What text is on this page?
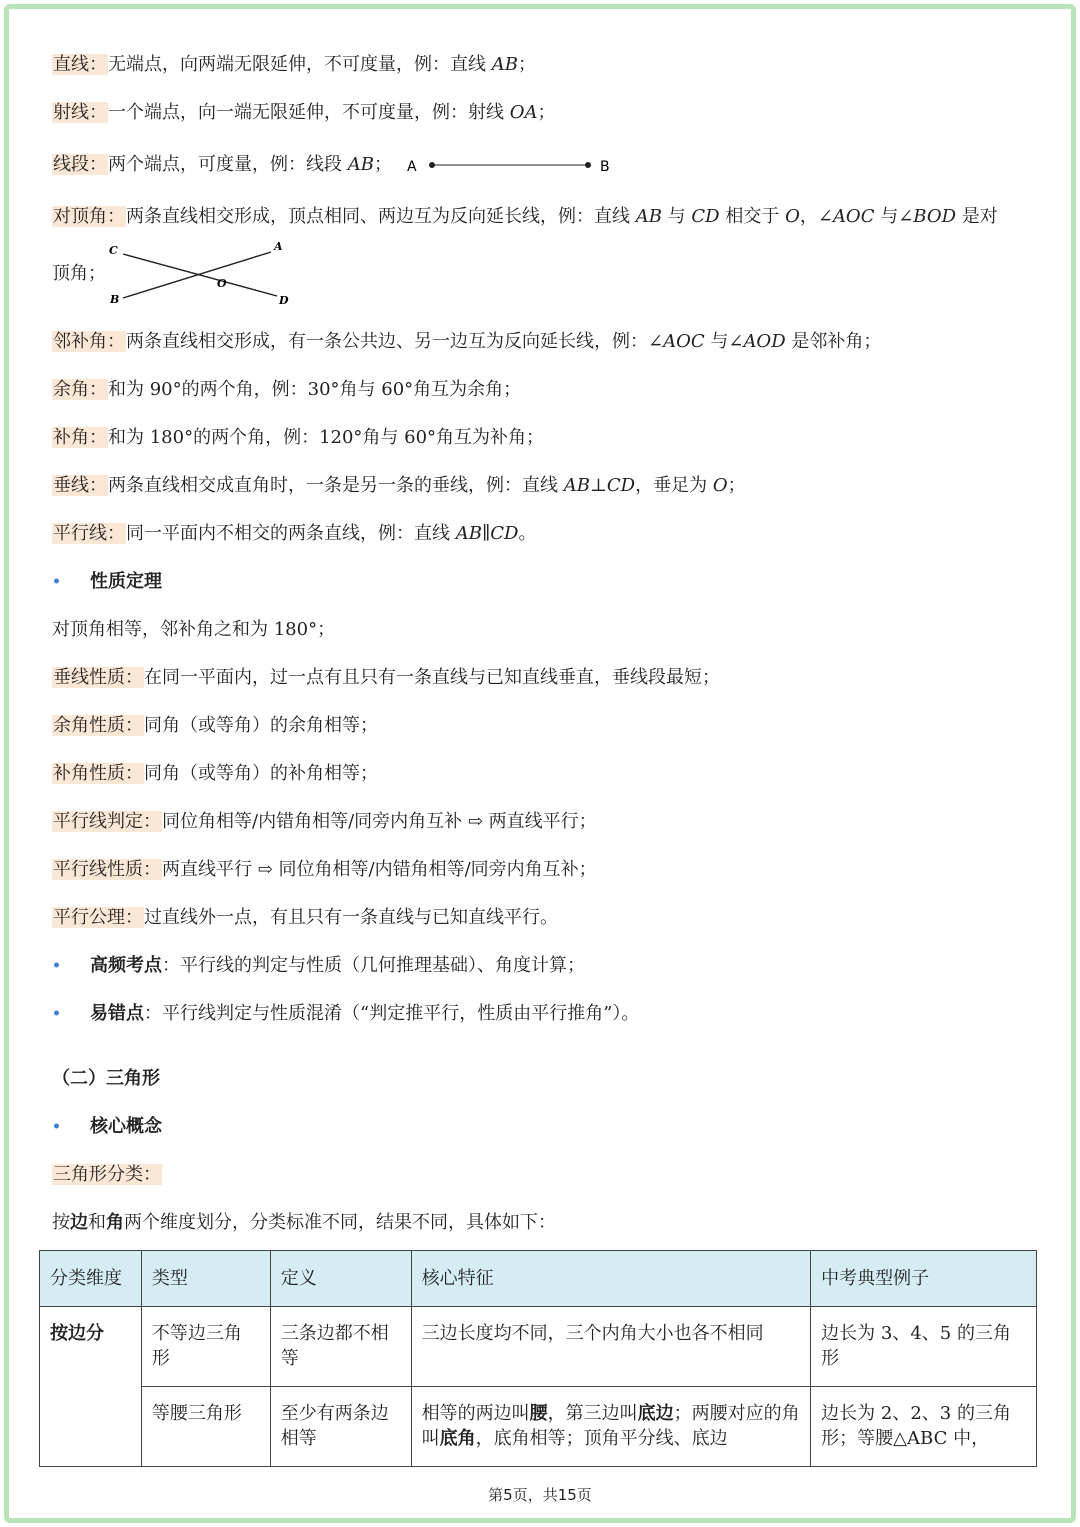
直线：无端点，向两端无限延伸，不可度量，例：直线 AB；
射线：一个端点，向一端无限延伸，不可度量，例：射线 OA；
线段：两个端点，可度量，例：线段 AB； A	B
对顶角：两条直线相交形成，顶点相同、两边互为反向延长线，例：直线 AB 与 CD 相交于 O，∠AOC 与∠BOD 是对
顶角；
C	A
O
B	D
邻补角：两条直线相交形成，有一条公共边、另一边互为反向延长线，例：∠AOC 与∠AOD 是邻补角；
余角：和为 90°的两个角，例：30°角与 60°角互为余角；
补角：和为 180°的两个角，例：120°角与 60°角互为补角；
垂线：两条直线相交成直角时，一条是另一条的垂线，例：直线 AB⊥CD，垂足为 O；
平行线：同一平面内不相交的两条直线，例：直线 AB∥CD。
• 性质定理
对顶角相等，邻补角之和为 180°；
垂线性质：在同一平面内，过一点有且只有一条直线与已知直线垂直，垂线段最短；
余角性质：同角（或等角）的余角相等；
补角性质：同角（或等角）的补角相等；
平行线判定：同位角相等/内错角相等/同旁内角互补 ⇨ 两直线平行；
平行线性质：两直线平行 ⇨ 同位角相等/内错角相等/同旁内角互补；
平行公理：过直线外一点，有且只有一条直线与已知直线平行。
• 高频考点：平行线的判定与性质（几何推理基础）、角度计算；
• 易错点：平行线判定与性质混淆（“判定推平行，性质由平行推角”）。
（二）三角形
• 核心概念
三角形分类：
按边和角两个维度划分，分类标准不同，结果不同，具体如下：
分类维度	类型	定义	核心特征	中考典型例子
按边分	不等边三角形	三条边都不相等	三边长度均不同，三个内角大小也各不相同	边长为 3、4、5 的三角形
	等腰三角形	至少有两条边相等	相等的两边叫腰，第三边叫底边；两腰对应的角叫底角，底角相等；顶角平分线、底边	边长为 2、2、3 的三角形；等腰△ABC 中，
第5页，共15页
